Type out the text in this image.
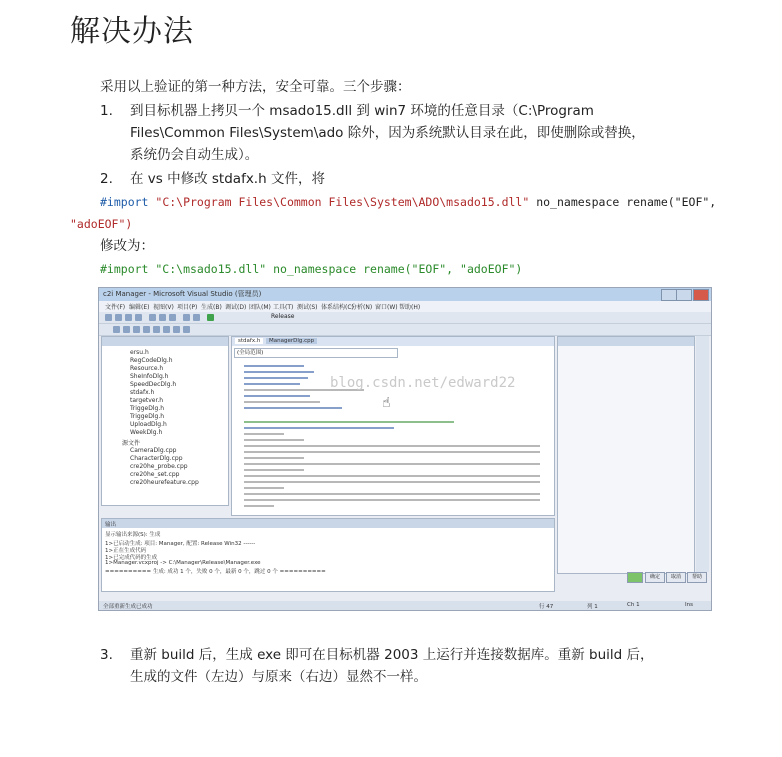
解决办法
采用以上验证的第一种方法，安全可靠。三个步骤：
1. 到目标机器上拷贝一个 msado15.dll 到 win7 环境的任意目录（C:\Program
Files\Common Files\System\ado 除外，因为系统默认目录在此，即使删除或替换，
系统仍会自动生成）。
2. 在 vs 中修改 stdafx.h 文件，将
#import "C:\Program Files\Common Files\System\ADO\msado15.dll" no_namespace rename("EOF",
"adoEOF")
修改为：
#import "C:\msado15.dll" no_namespace rename("EOF", "adoEOF")
c2i Manager - Microsoft Visual Studio (管理员)
文件(F) 编辑(E) 视图(V) 项目(P) 生成(B) 调试(D) 团队(M) 工具(T) 测试(S) 体系结构(C)
分析(N) 窗口(W) 帮助(H)
Release
ersu.h
RegCodeDlg.h
Resource.h
SheInfoDlg.h
SpeedDecDlg.h
stdafx.h
targetver.h
TriggeDlg.h
TriggeDlg.h
UploadDlg.h
WeekDlg.h
源文件
CameraDlg.cpp
CharacterDlg.cpp
cre20he_probe.cpp
cre20he_set.cpp
cre20heurefeature.cpp
stdafx.h	ManagerDlg.cpp
(全局范围)
输出
显示输出来源(S): 生成
1>已启动生成: 项目: Manager, 配置: Release Win32 ------
1>正在生成代码
1>已完成代码的生成
1>Manager.vcxproj -> C:\Manager\Release\Manager.exe
========== 生成: 成功 1 个，失败 0 个，最新 0 个，跳过 0 个 ==========
确定	取消	帮助
全部重新生成已成功	行 47	列 1	Ch 1	Ins
blog.csdn.net/edward22
☝
3. 重新 build 后，生成 exe 即可在目标机器 2003 上运行并连接数据库。重新 build 后，
生成的文件（左边）与原来（右边）显然不一样。
